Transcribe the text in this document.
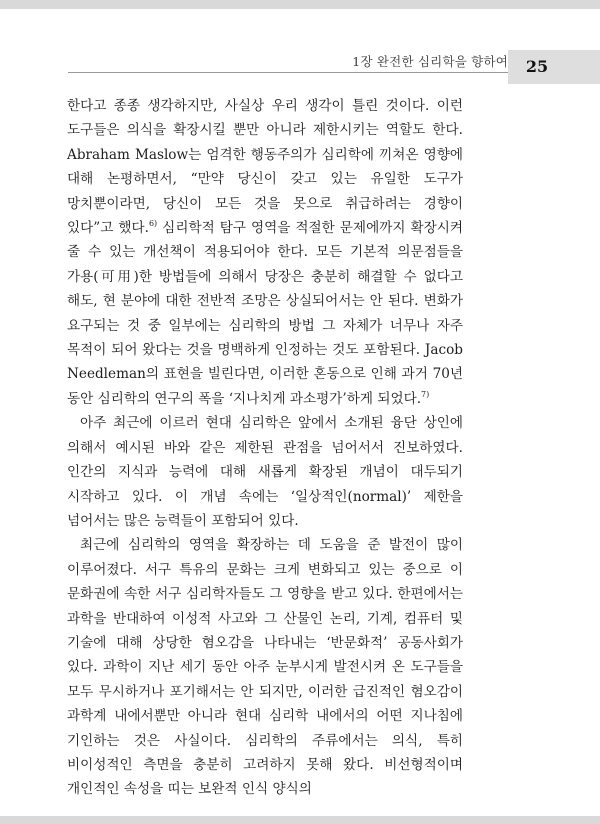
1장 완전한 심리학을 향하여	25

한다고 종종 생각하지만, 사실상 우리 생각이 틀린 것이다. 이런 도구들은 의식을 확장시킬 뿐만 아니라 제한시키는 역할도 한다. Abraham Maslow는 엄격한 행동주의가 심리학에 끼쳐온 영향에 대해 논평하면서, “만약 당신이 갖고 있는 유일한 도구가 망치뿐이라면, 당신이 모든 것을 못으로 취급하려는 경향이 있다”고 했다.$^{6)}$ 심리학적 탐구 영역을 적절한 문제에까지 확장시켜 줄 수 있는 개선책이 적용되어야 한다. 모든 기본적 의문점들을 가용(可用)한 방법들에 의해서 당장은 충분히 해결할 수 없다고 해도, 현 분야에 대한 전반적 조망은 상실되어서는 안 된다. 변화가 요구되는 것 중 일부에는 심리학의 방법 그 자체가 너무나 자주 목적이 되어 왔다는 것을 명백하게 인정하는 것도 포함된다. Jacob Needleman의 표현을 빌린다면, 이러한 혼동으로 인해 과거 70년 동안 심리학의 연구의 폭을 ‘지나치게 과소평가’하게 되었다.$^{7)}$

아주 최근에 이르러 현대 심리학은 앞에서 소개된 융단 상인에 의해서 예시된 바와 같은 제한된 관점을 넘어서서 진보하였다. 인간의 지식과 능력에 대해 새롭게 확장된 개념이 대두되기 시작하고 있다. 이 개념 속에는 ‘일상적인(normal)’ 제한을 넘어서는 많은 능력들이 포함되어 있다.

최근에 심리학의 영역을 확장하는 데 도움을 준 발전이 많이 이루어졌다. 서구 특유의 문화는 크게 변화되고 있는 중으로 이 문화권에 속한 서구 심리학자들도 그 영향을 받고 있다. 한편에서는 과학을 반대하여 이성적 사고와 그 산물인 논리, 기계, 컴퓨터 및 기술에 대해 상당한 혐오감을 나타내는 ‘반문화적’ 공동사회가 있다. 과학이 지난 세기 동안 아주 눈부시게 발전시켜 온 도구들을 모두 무시하거나 포기해서는 안 되지만, 이러한 급진적인 혐오감이 과학계 내에서뿐만 아니라 현대 심리학 내에서의 어떤 지나침에 기인하는 것은 사실이다. 심리학의 주류에서는 의식, 특히 비이성적인 측면을 충분히 고려하지 못해 왔다. 비선형적이며 개인적인 속성을 띠는 보완적 인식 양식의
